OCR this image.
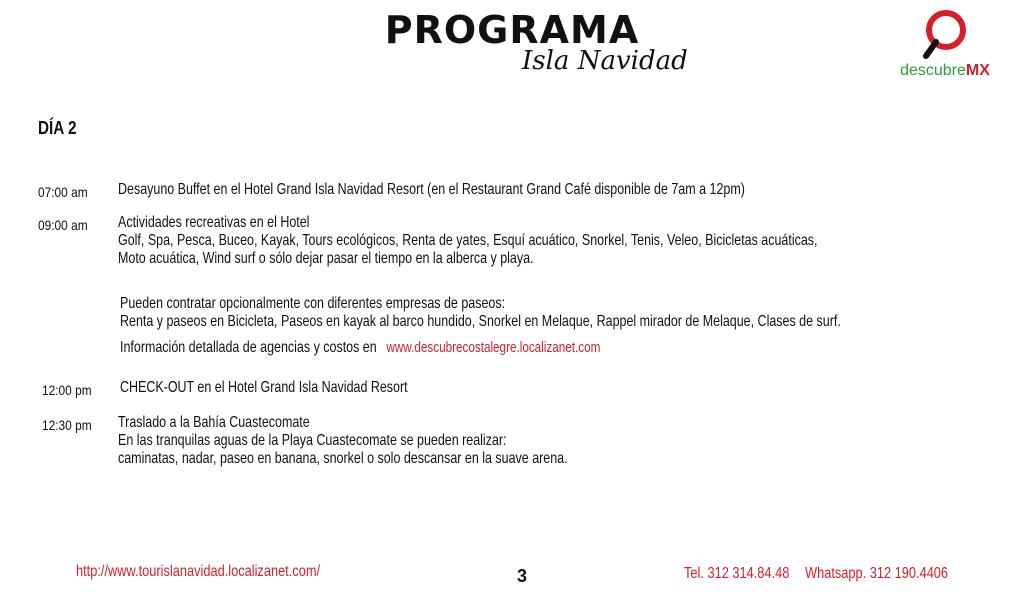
PROGRAMA
Isla Navidad	descubreMX
DÍA 2
07:00 am	Desayuno Buffet en el Hotel Grand Isla Navidad Resort (en el Restaurant Grand Café disponible de 7am a 12pm)
09:00 am	Actividades recreativas en el Hotel
Golf, Spa, Pesca, Buceo, Kayak, Tours ecológicos, Renta de yates, Esquí acuático, Snorkel, Tenis, Veleo, Bicicletas acuáticas,
Moto acuática, Wind surf o sólo dejar pasar el tiempo en la alberca y playa.
Pueden contratar opcionalmente con diferentes empresas de paseos:
Renta y paseos en Bicicleta, Paseos en kayak al barco hundido, Snorkel en Melaque, Rappel mirador de Melaque, Clases de surf.
Información detallada de agencias y costos en www.descubrecostalegre.localizanet.com
12:00 pm	CHECK-OUT en el Hotel Grand Isla Navidad Resort
12:30 pm	Traslado a la Bahía Cuastecomate
En las tranquilas aguas de la Playa Cuastecomate se pueden realizar:
caminatas, nadar, paseo en banana, snorkel o solo descansar en la suave arena.
http://www.tourislanavidad.localizanet.com/	3	Tel. 312 314.84.48 Whatsapp. 312 190.4406
